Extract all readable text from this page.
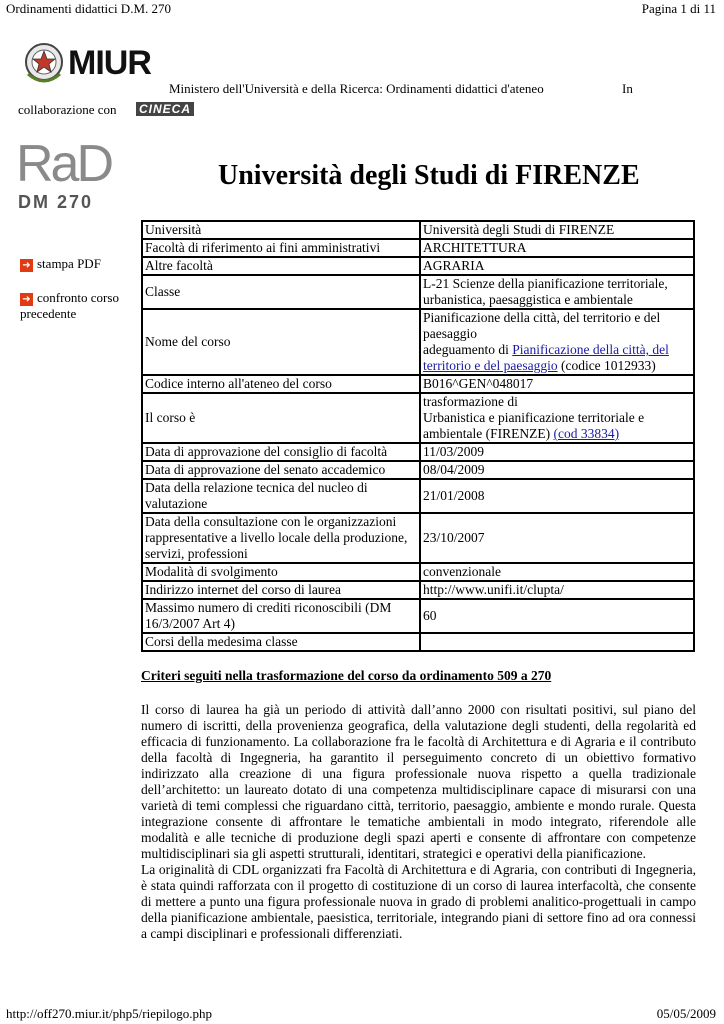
Ordinamenti didattici D.M. 270	Pagina 1 di 11
MIUR
Ministero dell'Università e della Ricerca: Ordinamenti didattici d'ateneo	In
collaborazione con CINECA
RaD
DM 270
Università degli Studi di FIRENZE
➜ stampa PDF
➜ confronto corso
precedente
Università	Università degli Studi di FIRENZE
Facoltà di riferimento ai fini amministrativi	ARCHITETTURA
Altre facoltà	AGRARIA
Classe	L-21 Scienze della pianificazione territoriale, urbanistica, paesaggistica e ambientale
Nome del corso	Pianificazione della città, del territorio e del paesaggio
adeguamento di Pianificazione della città, del territorio e del paesaggio (codice 1012933)
Codice interno all'ateneo del corso	B016^GEN^048017
Il corso è	trasformazione di
Urbanistica e pianificazione territoriale e ambientale (FIRENZE) (cod 33834)
Data di approvazione del consiglio di facoltà	11/03/2009
Data di approvazione del senato accademico	08/04/2009
Data della relazione tecnica del nucleo di valutazione	21/01/2008
Data della consultazione con le organizzazioni rappresentative a livello locale della produzione, servizi, professioni	23/10/2007
Modalità di svolgimento	convenzionale
Indirizzo internet del corso di laurea	http://www.unifi.it/clupta/
Massimo numero di crediti riconoscibili (DM 16/3/2007 Art 4)	60
Corsi della medesima classe	
Criteri seguiti nella trasformazione del corso da ordinamento 509 a 270

Il corso di laurea ha già un periodo di attività dall’anno 2000 con risultati positivi, sul piano del numero di iscritti, della provenienza geografica, della valutazione degli studenti, della regolarità ed efficacia di funzionamento. La collaborazione fra le facoltà di Architettura e di Agraria e il contributo della facoltà di Ingegneria, ha garantito il perseguimento concreto di un obiettivo formativo indirizzato alla creazione di una figura professionale nuova rispetto a quella tradizionale dell’architetto: un laureato dotato di una competenza multidisciplinare capace di misurarsi con una varietà di temi complessi che riguardano città, territorio, paesaggio, ambiente e mondo rurale. Questa integrazione consente di affrontare le tematiche ambientali in modo integrato, riferendole alle modalità e alle tecniche di produzione degli spazi aperti e consente di affrontare con competenze multidisciplinari sia gli aspetti strutturali, identitari, strategici e operativi della pianificazione.

La originalità di CDL organizzati fra Facoltà di Architettura e di Agraria, con contributi di Ingegneria, è stata quindi rafforzata con il progetto di costituzione di un corso di laurea interfacoltà, che consente di mettere a punto una figura professionale nuova in grado di problemi analitico-progettuali in campo della pianificazione ambientale, paesistica, territoriale, integrando piani di settore fino ad ora connessi a campi disciplinari e professionali differenziati.

http://off270.miur.it/php5/riepilogo.php	05/05/2009
